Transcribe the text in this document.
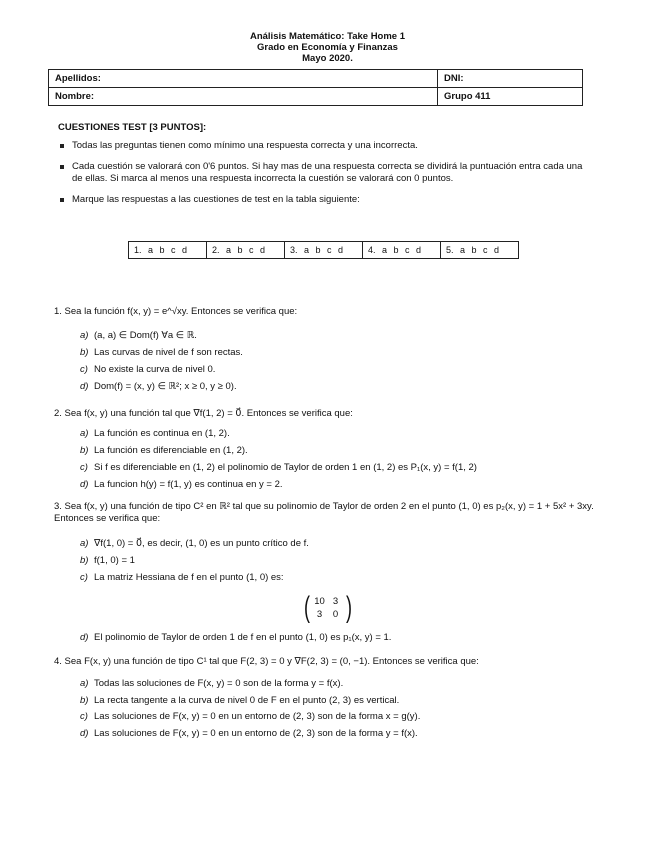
Análisis Matemático: Take Home 1
Grado en Economía y Finanzas
Mayo 2020.
Apellidos:	DNI:
Nombre:	Grupo 411
CUESTIONES TEST [3 PUNTOS]:
Todas las preguntas tienen como mínimo una respuesta correcta y una incorrecta.
Cada cuestión se valorará con 0'6 puntos. Si hay mas de una respuesta correcta se dividirá la puntuación entra cada una de ellas. Si marca al menos una respuesta incorrecta la cuestión se valorará con 0 puntos.
Marque las respuestas a las cuestiones de test en la tabla siguiente:
1. a b c d	2. a b c d	3. a b c d	4. a b c d	5. a b c d
1. Sea la función f(x, y) = e^√xy. Entonces se verifica que:
a) (a, a) ∈ Dom(f) ∀a ∈ ℝ.
b) Las curvas de nivel de f son rectas.
c) No existe la curva de nivel 0.
d) Dom(f) = (x, y) ∈ ℝ²; x ≥ 0, y ≥ 0).
2. Sea f(x, y) una función tal que ∇f(1, 2) = 0⃗. Entonces se verifica que:
a) La función es continua en (1, 2).
b) La función es diferenciable en (1, 2).
c) Si f es diferenciable en (1, 2) el polinomio de Taylor de orden 1 en (1, 2) es P₁(x, y) = f(1, 2)
d) La funcion h(y) = f(1, y) es continua en y = 2.
3. Sea f(x, y) una función de tipo C² en ℝ² tal que su polinomio de Taylor de orden 2 en el punto (1, 0) es p₂(x, y) = 1 + 5x² + 3xy. Entonces se verifica que:
a) ∇f(1, 0) = 0⃗, es decir, (1, 0) es un punto crítico de f.
b) f(1, 0) = 1
c) La matriz Hessiana de f en el punto (1, 0) es:
( 10 3
3	0 )
d) El polinomio de Taylor de orden 1 de f en el punto (1, 0) es p₁(x, y) = 1.
4. Sea F(x, y) una función de tipo C¹ tal que F(2, 3) = 0 y ∇F(2, 3) = (0, −1). Entonces se verifica que:
a) Todas las soluciones de F(x, y) = 0 son de la forma y = f(x).
b) La recta tangente a la curva de nivel 0 de F en el punto (2, 3) es vertical.
c) Las soluciones de F(x, y) = 0 en un entorno de (2, 3) son de la forma x = g(y).
d) Las soluciones de F(x, y) = 0 en un entorno de (2, 3) son de la forma y = f(x).
